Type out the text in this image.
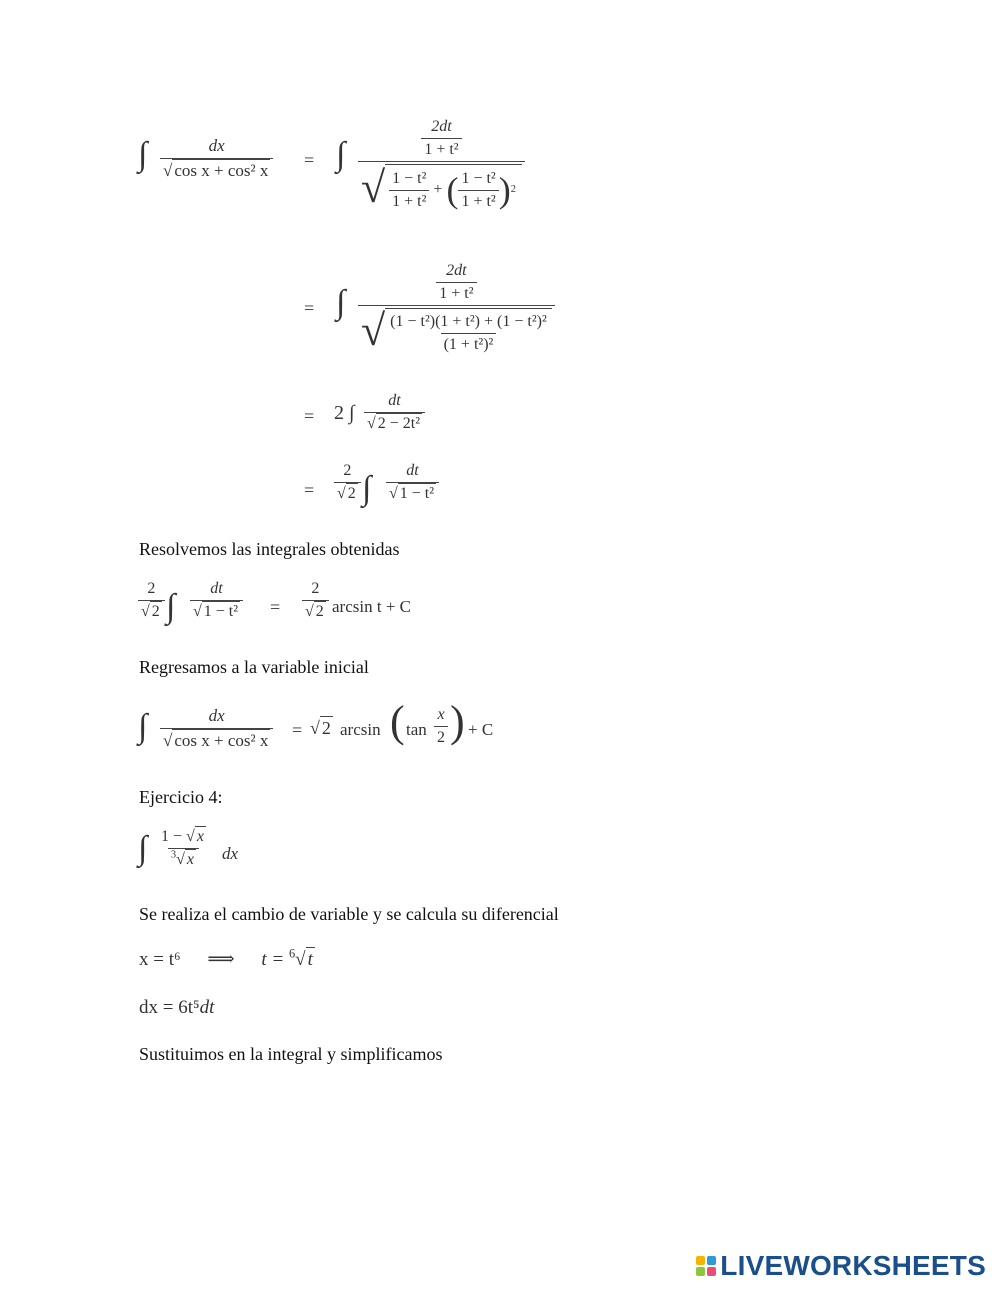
∫ $\frac{dx}{\text{√ cos x + cos² x}}$ = ∫	$\frac{2dt}{\text{1 + t²}}$
√ $\frac{\text{1 − t²}}{\text{1 + t²}}$ + ( $\frac{\text{1 − t²}}{\text{1 + t²}}$ ) 2
= ∫ $\frac{\frac{2dt}{\text{1 + t²}}}{√ \frac{\text{(1 − t²)(1 + t²) + (1 − t²)²}}{\text{(1 + t²)²}}}$
= 2 ∫ $\frac{dt}{\text{√ 2 − 2t²}}$
= $\frac{2}{√ 2}$ ∫ $\frac{dt}{\text{√ 1 − t²}}$
Resolvemos las integrales obtenidas
$\frac{2}{√ 2}$ ∫ $\frac{dt}{\text{√ 1 − t²}} = \frac{2}{√ 2}$ arcsin t + C
Regresamos a la variable inicial
∫ $\frac{dx}{\text{√ cos x + cos² x}}$ = √ 2 arcsin ( $\tan \frac{x}{2}$ ) + C
Ejercicio 4:
∫ $\frac{1 - √ x}{^3√ x}$ dx
Se realiza el cambio de variable y se calcula su diferencial
x = t⁶ ⟹ t = $^6$√ t
dx = 6t⁵dt
Sustituimos en la integral y simplificamos
LIVEWORKSHEETS
